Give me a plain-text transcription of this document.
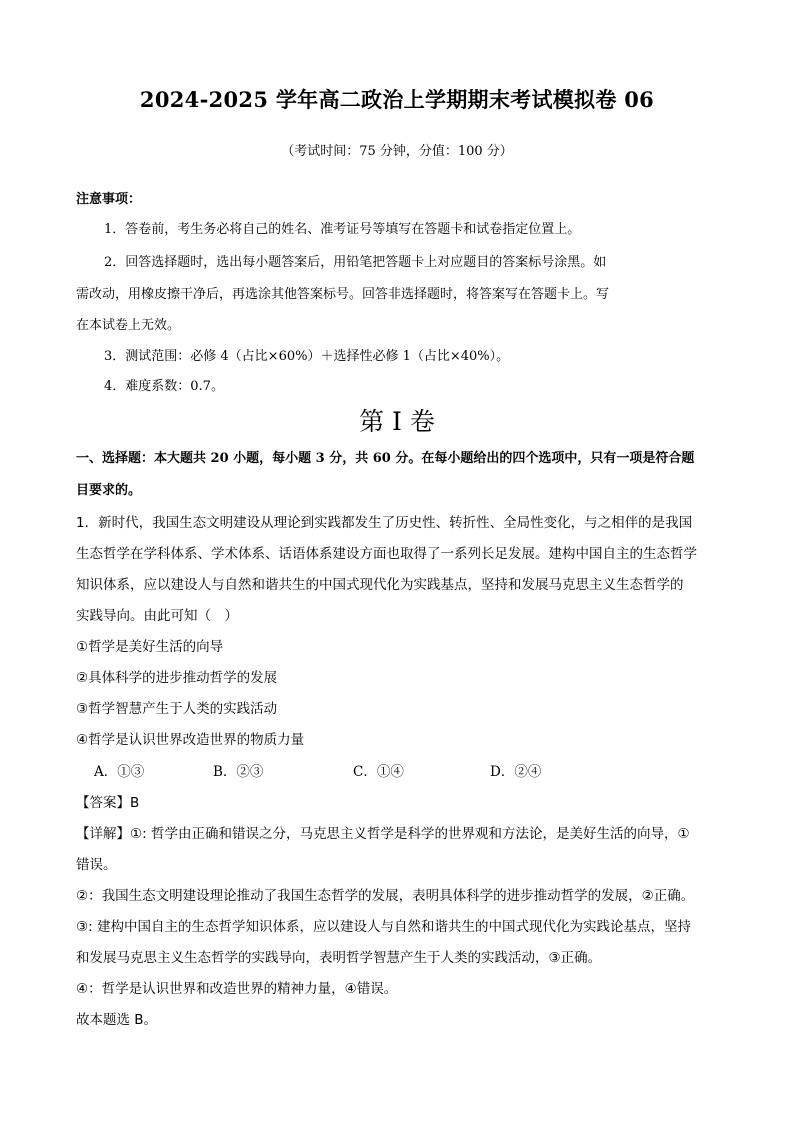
2024-2025 学年高二政治上学期期末考试模拟卷 06
（考试时间：75 分钟，分值：100 分）
注意事项：
1．答卷前，考生务必将自己的姓名、准考证号等填写在答题卡和试卷指定位置上。
2．回答选择题时，选出每小题答案后，用铅笔把答题卡上对应题目的答案标号涂黑。如
需改动，用橡皮擦干净后，再选涂其他答案标号。回答非选择题时，将答案写在答题卡上。写
在本试卷上无效。
3．测试范围：必修 4（占比×60%）＋选择性必修 1（占比×40%）。
4．难度系数：0.7。
第 I 卷
一、选择题：本大题共 20 小题，每小题 3 分，共 60 分。在每小题给出的四个选项中，只有一项是符合题
目要求的。
1．新时代，我国生态文明建设从理论到实践都发生了历史性、转折性、全局性变化，与之相伴的是我国
生态哲学在学科体系、学术体系、话语体系建设方面也取得了一系列长足发展。建构中国自主的生态哲学
知识体系，应以建设人与自然和谐共生的中国式现代化为实践基点，坚持和发展马克思主义生态哲学的
实践导向。由此可知（　）
①哲学是美好生活的向导
②具体科学的进步推动哲学的发展
③哲学智慧产生于人类的实践活动
④哲学是认识世界改造世界的物质力量
A．①③	B．②③	C．①④	D．②④
【答案】B
【详解】①: 哲学由正确和错误之分，马克思主义哲学是科学的世界观和方法论，是美好生活的向导，①
错误。
②：我国生态文明建设理论推动了我国生态哲学的发展，表明具体科学的进步推动哲学的发展，②正确。
③: 建构中国自主的生态哲学知识体系，应以建设人与自然和谐共生的中国式现代化为实践论基点，坚持
和发展马克思主义生态哲学的实践导向，表明哲学智慧产生于人类的实践活动，③正确。
④：哲学是认识世界和改造世界的精神力量，④错误。
故本题选 B。
